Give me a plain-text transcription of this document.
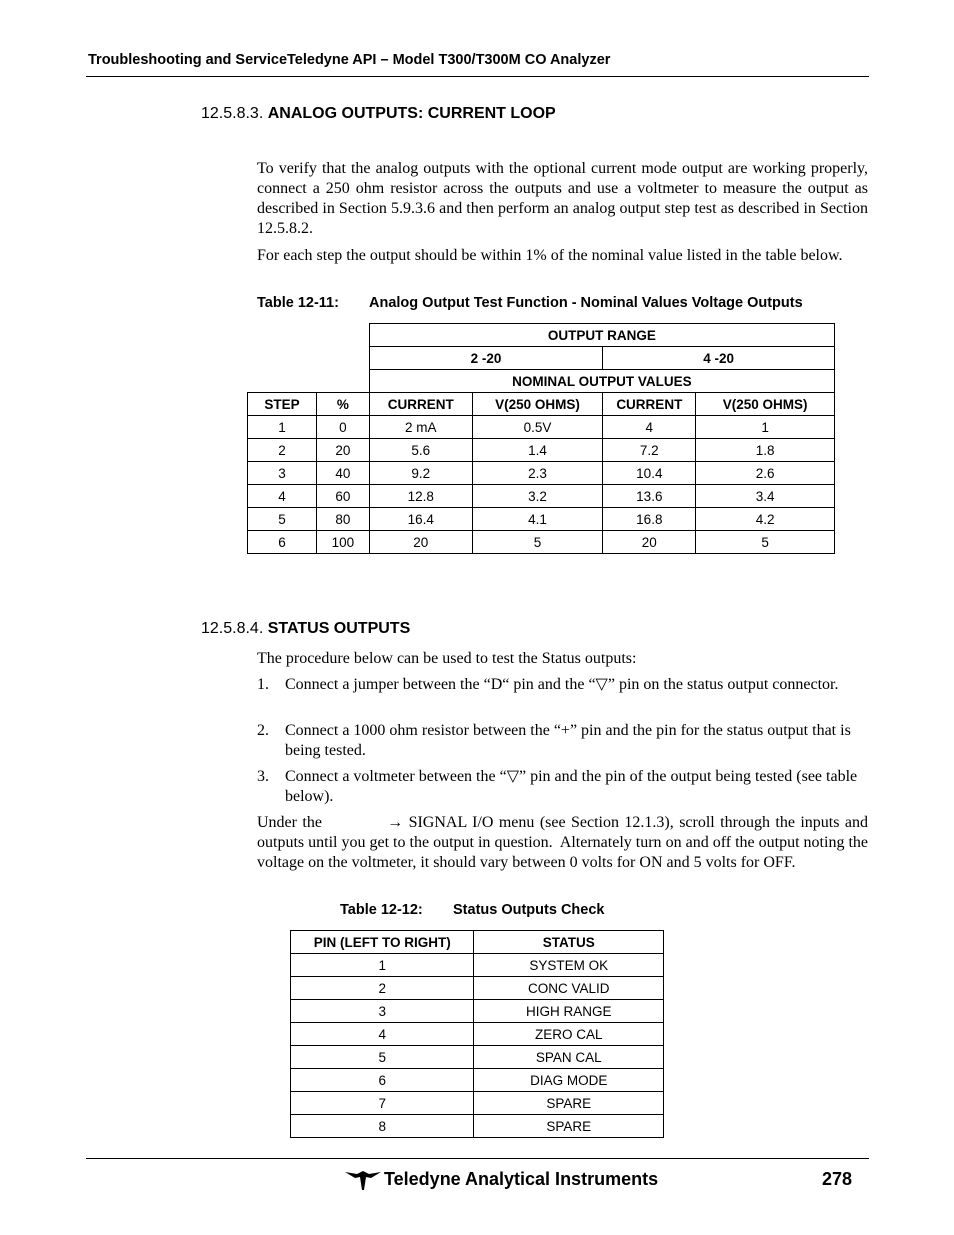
Troubleshooting and ServiceTeledyne API – Model T300/T300M CO Analyzer
12.5.8.3. ANALOG OUTPUTS: CURRENT LOOP
To verify that the analog outputs with the optional current mode output are working properly, connect a 250 ohm resistor across the outputs and use a voltmeter to measure the output as described in Section 5.9.3.6 and then perform an analog output step test as described in Section 12.5.8.2.
For each step the output should be within 1% of the nominal value listed in the table below.
Table 12-11: Analog Output Test Function - Nominal Values Voltage Outputs
		OUTPUT RANGE			
		2 -20		4 -20	
		NOMINAL OUTPUT VALUES			
STEP	%	CURRENT	V(250 OHMS)	CURRENT	V(250 OHMS)
1	0	2 mA	0.5V	4	1
2	20	5.6	1.4	7.2	1.8
3	40	9.2	2.3	10.4	2.6
4	60	12.8	3.2	13.6	3.4
5	80	16.4	4.1	16.8	4.2
6	100	20	5	20	5
12.5.8.4. STATUS OUTPUTS
The procedure below can be used to test the Status outputs:
1. Connect a jumper between the “D“ pin and the “▽” pin on the status output connector.
2. Connect a 1000 ohm resistor between the “+” pin and the pin for the status output that is being tested.
3. Connect a voltmeter between the “▽” pin and the pin of the output being tested (see table below).
Under the            → SIGNAL I/O menu (see Section 12.1.3), scroll through the inputs and outputs until you get to the output in question.  Alternately turn on and off the output noting the voltage on the voltmeter, it should vary between 0 volts for ON and 5 volts for OFF.
Table 12-12: Status Outputs Check
PIN (LEFT TO RIGHT)	STATUS
1	SYSTEM OK
2	CONC VALID
3	HIGH RANGE
4	ZERO CAL
5	SPAN CAL
6	DIAG MODE
7	SPARE
8	SPARE
Teledyne Analytical Instruments	278
